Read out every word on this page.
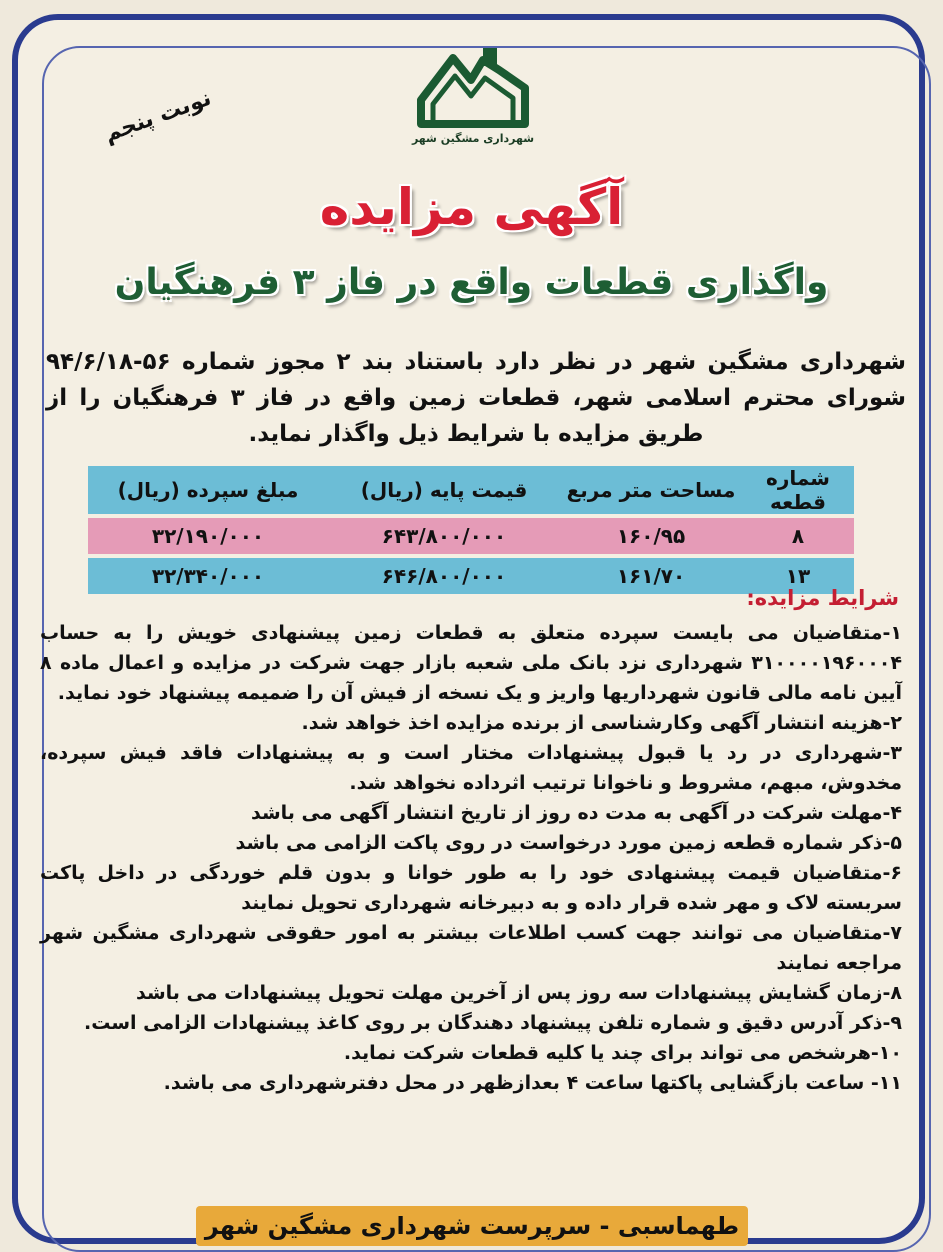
شهرداری مشگین شهر
نوبت پنجم
آگهی مزایده
واگذاری قطعات واقع در فاز ۳ فرهنگیان
شهرداری مشگین شهر در نظر دارد باستناد بند ۲ مجوز شماره ۵۶-۹۴/۶/۱۸ شورای محترم اسلامی شهر، قطعات زمین واقع در فاز ۳ فرهنگیان را از طریق مزایده با شرایط ذیل واگذار نماید.
شماره قطعه	مساحت متر مربع	قیمت پایه (ریال)	مبلغ سپرده (ریال)
۸	۱۶۰/۹۵	۶۴۳/۸۰۰/۰۰۰	۳۲/۱۹۰/۰۰۰
۱۳	۱۶۱/۷۰	۶۴۶/۸۰۰/۰۰۰	۳۲/۳۴۰/۰۰۰
شرایط مزایده:
۱-متقاضیان می بایست سپرده متعلق به قطعات زمین پیشنهادی خویش را به حساب ۳۱۰۰۰۰۱۹۶۰۰۰۴ شهرداری نزد بانک ملی شعبه بازار جهت شرکت در مزایده و اعمال ماده ۸ آیین نامه مالی قانون شهرداریها واریز و یک نسخه از فیش آن را ضمیمه پیشنهاد خود نماید.
۲-هزینه انتشار آگهی وکارشناسی از برنده مزایده اخذ خواهد شد.
۳-شهرداری در رد یا قبول پیشنهادات مختار است و به پیشنهادات فاقد فیش سپرده، مخدوش، مبهم، مشروط و ناخوانا ترتیب اثرداده نخواهد شد.
۴-مهلت شرکت در آگهی به مدت ده روز از تاریخ انتشار آگهی می باشد
۵-ذکر شماره قطعه زمین مورد درخواست در روی پاکت الزامی می باشد
۶-متقاضیان قیمت پیشنهادی خود را به طور خوانا و بدون قلم خوردگی در داخل پاکت سربسته لاک و مهر شده قرار داده و به دبیرخانه شهرداری تحویل نمایند
۷-متقاضیان می توانند جهت کسب اطلاعات بیشتر به امور حقوقی شهرداری مشگین شهر مراجعه نمایند
۸-زمان گشایش پیشنهادات سه روز پس از آخرین مهلت تحویل پیشنهادات می باشد
۹-ذکر آدرس دقیق و شماره تلفن پیشنهاد دهندگان بر روی کاغذ پیشنهادات الزامی است.
۱۰-هرشخص می تواند برای چند یا کلیه قطعات شرکت نماید.
۱۱- ساعت بازگشایی پاکتها ساعت ۴ بعدازظهر در محل دفترشهرداری می باشد.
طهماسبی - سرپرست شهرداری مشگین شهر
